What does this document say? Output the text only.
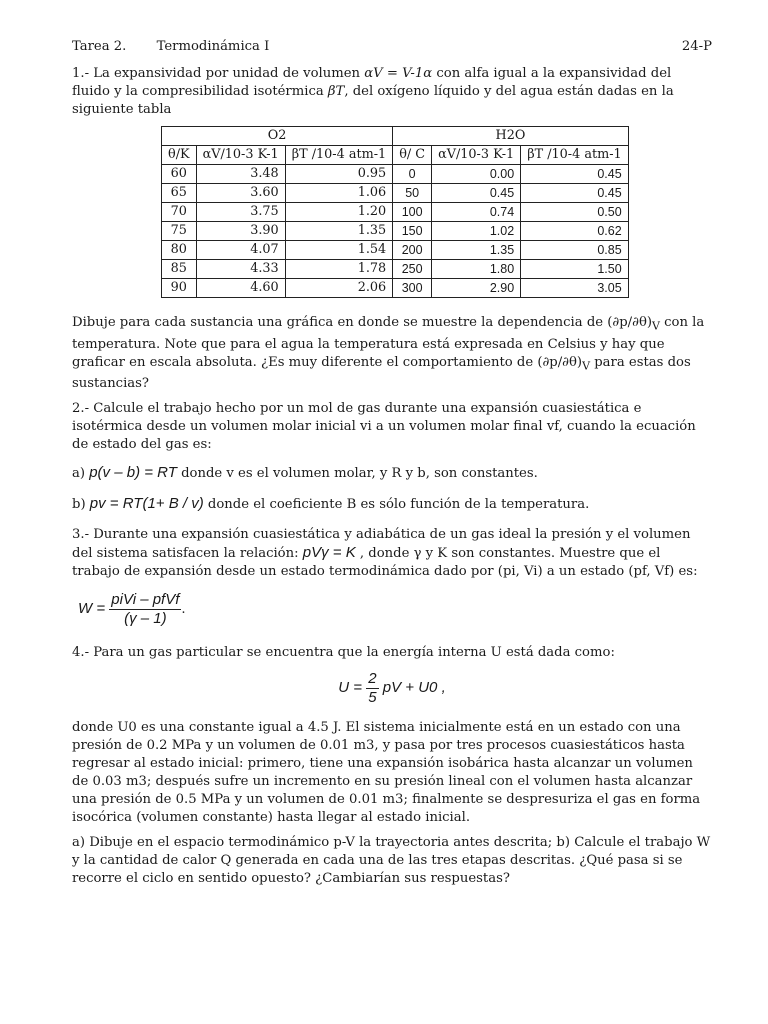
Tarea 2. Termodinámica I	24-P

1.- La expansividad por unidad de volumen αV = V-1α con alfa igual a la expansividad del fluido y la compresibilidad isotérmica βT, del oxígeno líquido y del agua están dadas en la siguiente tabla

O2			H2O		
θ/K	αV/10-3 K-1	βT /10-4 atm-1	θ/ C	αV/10-3 K-1	βT /10-4 atm-1
60	3.48	0.95	0	0.00	0.45
65	3.60	1.06	50	0.45	0.45
70	3.75	1.20	100	0.74	0.50
75	3.90	1.35	150	1.02	0.62
80	4.07	1.54	200	1.35	0.85
85	4.33	1.78	250	1.80	1.50
90	4.60	2.06	300	2.90	3.05

Dibuje para cada sustancia una gráfica en donde se muestre la dependencia de $(\partial p/\partial\theta)_V$ con la temperatura. Note que para el agua la temperatura está expresada en Celsius y hay que graficar en escala absoluta. ¿Es muy diferente el comportamiento de $(\partial p/\partial\theta)_V$ para estas dos sustancias?

2.- Calcule el trabajo hecho por un mol de gas durante una expansión cuasiestática e isotérmica desde un volumen molar inicial vi a un volumen molar final vf, cuando la ecuación de estado del gas es:

a) p(v – b) = RT donde v es el volumen molar, y R y b, son constantes.

b) pv = RT(1+ B / v) donde el coeficiente B es sólo función de la temperatura.

3.- Durante una expansión cuasiestática y adiabática de un gas ideal la presión y el volumen del sistema satisfacen la relación: pVγ = K , donde γ y K son constantes. Muestre que el trabajo de expansión desde un estado termodinámica dado por (pi, Vi) a un estado (pf, Vf) es:

$W = \frac{\text{piVi – pfVf}}{(\gamma - 1)}$ .

4.- Para un gas particular se encuentra que la energía interna U está dada como:

$U = \frac{2}{5}$ pV + U0 ,

donde U0 es una constante igual a 4.5 J. El sistema inicialmente está en un estado con una presión de 0.2 MPa y un volumen de 0.01 m3, y pasa por tres procesos cuasiestáticos hasta regresar al estado inicial: primero, tiene una expansión isobárica hasta alcanzar un volumen de 0.03 m3; después sufre un incremento en su presión lineal con el volumen hasta alcanzar una presión de 0.5 MPa y un volumen de 0.01 m3; finalmente se despresuriza el gas en forma isocórica (volumen constante) hasta llegar al estado inicial.

a) Dibuje en el espacio termodinámico p-V la trayectoria antes descrita; b) Calcule el trabajo W y la cantidad de calor Q generada en cada una de las tres etapas descritas. ¿Qué pasa si se recorre el ciclo en sentido opuesto? ¿Cambiarían sus respuestas?
